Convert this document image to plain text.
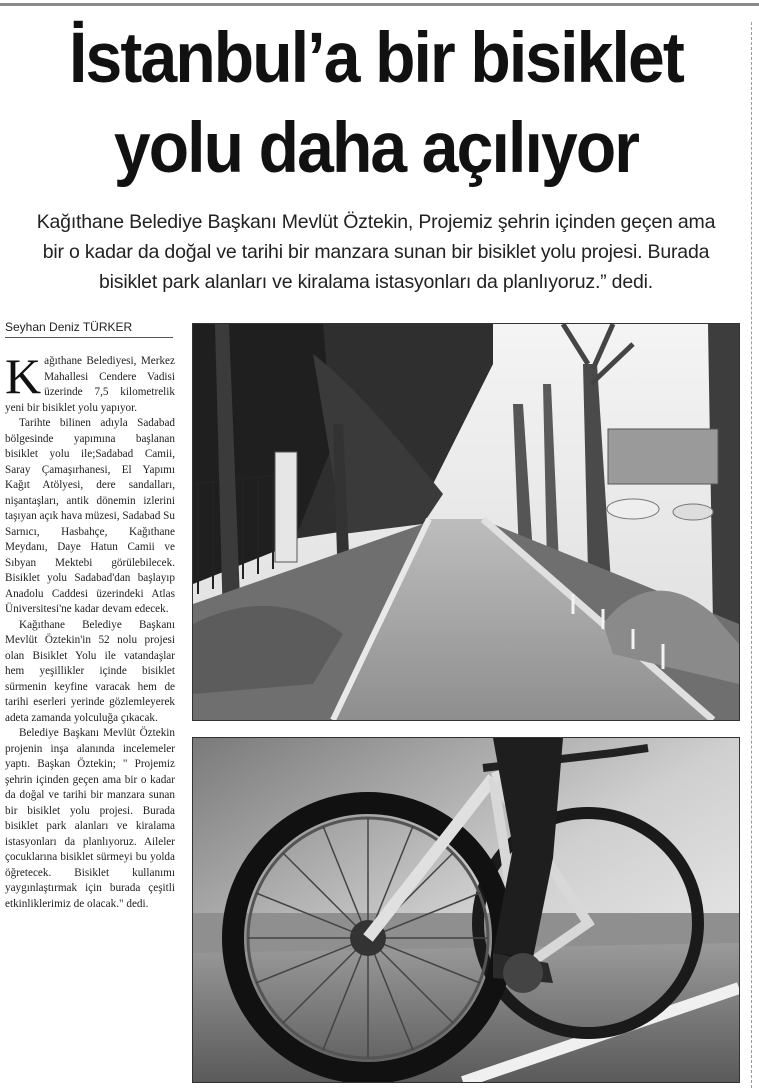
İstanbul’a bir bisiklet
yolu daha açılıyor

Kağıthane Belediye Başkanı Mevlüt Öztekin, Projemiz şehrin içinden geçen ama
bir o kadar da doğal ve tarihi bir manzara sunan bir bisiklet yolu projesi. Burada
bisiklet park alanları ve kiralama istasyonları da planlıyoruz.” dedi.

Seyhan Deniz TÜRKER

Kağıthane Belediyesi, Merkez Mahallesi Cendere Vadisi üzerinde 7,5 kilometrelik yeni bir bisiklet yolu yapıyor.

Tarihte bilinen adıyla Sadabad bölgesinde yapımına başlanan bisiklet yolu ile;Sadabad Camii, Saray Çamaşırhanesi, El Yapımı Kağıt Atölyesi, dere sandalları, nişantaşları, antik dönemin izlerini taşıyan açık hava müzesi, Sadabad Su Sarnıcı, Hasbahçe, Kağıthane Meydanı, Daye Hatun Camii ve Sıbyan Mektebi görülebilecek. Bisiklet yolu Sadabad'dan başlayıp Anadolu Caddesi üzerindeki Atlas Üniversitesi'ne kadar devam edecek.

Kağıthane Belediye Başkanı Mevlüt Öztekin'in 52 nolu projesi olan Bisiklet Yolu ile vatandaşlar hem yeşillikler içinde bisiklet sürmenin keyfine varacak hem de tarihi eserleri yerinde gözlemleyerek adeta zamanda yolculuğa çıkacak.

Belediye Başkanı Mevlüt Öztekin projenin inşa alanında incelemeler yaptı. Başkan Öztekin; " Projemiz şehrin içinden geçen ama bir o kadar da doğal ve tarihi bir manzara sunan bir bisiklet yolu projesi. Burada bisiklet park alanları ve kiralama istasyonları da planlıyoruz. Aileler çocuklarına bisiklet sürmeyi bu yolda öğretecek. Bisiklet kullanımı yaygınlaştırmak için burada çeşitli etkinliklerimiz de olacak." dedi.
